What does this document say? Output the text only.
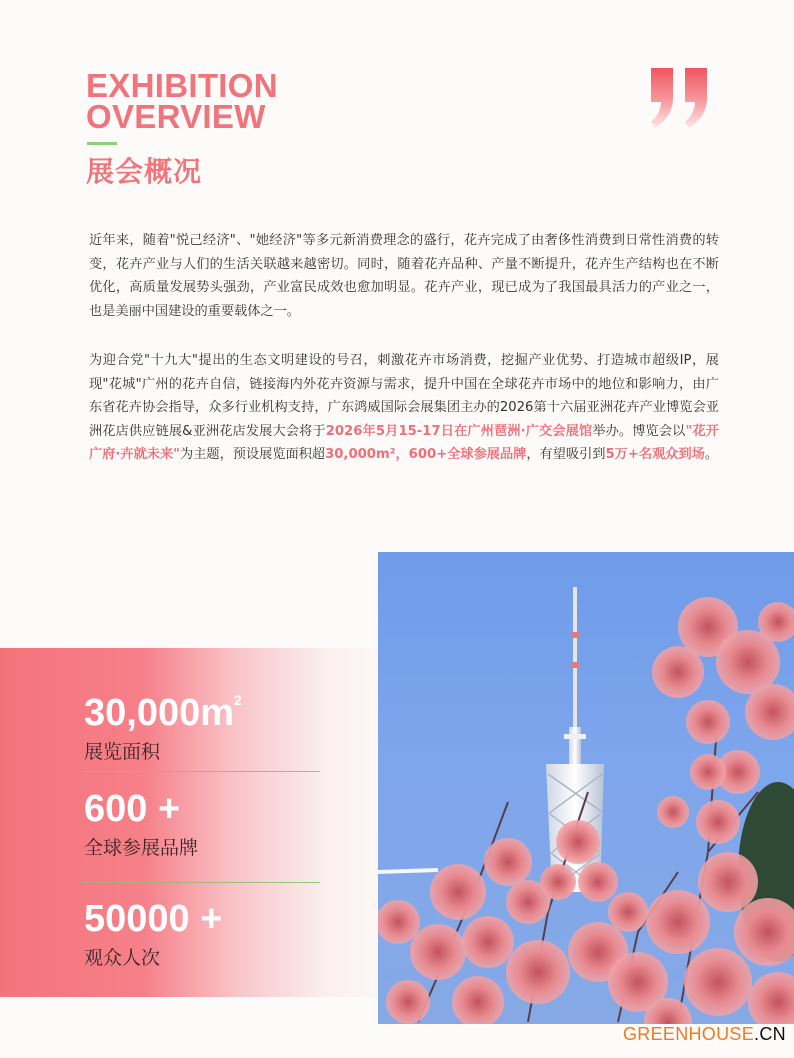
EXHIBITION
OVERVIEW
展会概况
近年来，随着"悦己经济"、"她经济"等多元新消费理念的盛行，花卉完成了由奢侈性消费到日常性消费的转变，花卉产业与人们的生活关联越来越密切。同时，随着花卉品种、产量不断提升，花卉生产结构也在不断优化，高质量发展势头强劲，产业富民成效也愈加明显。花卉产业，现已成为了我国最具活力的产业之一，也是美丽中国建设的重要载体之一。
为迎合党"十九大"提出的生态文明建设的号召，刺激花卉市场消费，挖掘产业优势、打造城市超级IP，展现"花城"广州的花卉自信，链接海内外花卉资源与需求，提升中国在全球花卉市场中的地位和影响力，由广东省花卉协会指导，众多行业机构支持，广东鸿威国际会展集团主办的2026第十六届亚洲花卉产业博览会亚洲花店供应链展&亚洲花店发展大会将于2026年5月15-17日在广州琶洲·广交会展馆举办。博览会以"花开广府·卉就未来"为主题，预设展览面积超30,000m²，600+全球参展品牌，有望吸引到5万+名观众到场。
$30,000m^2$
展览面积
600 +
全球参展品牌
50000 +
观众人次
GREENHOUSE.CN
